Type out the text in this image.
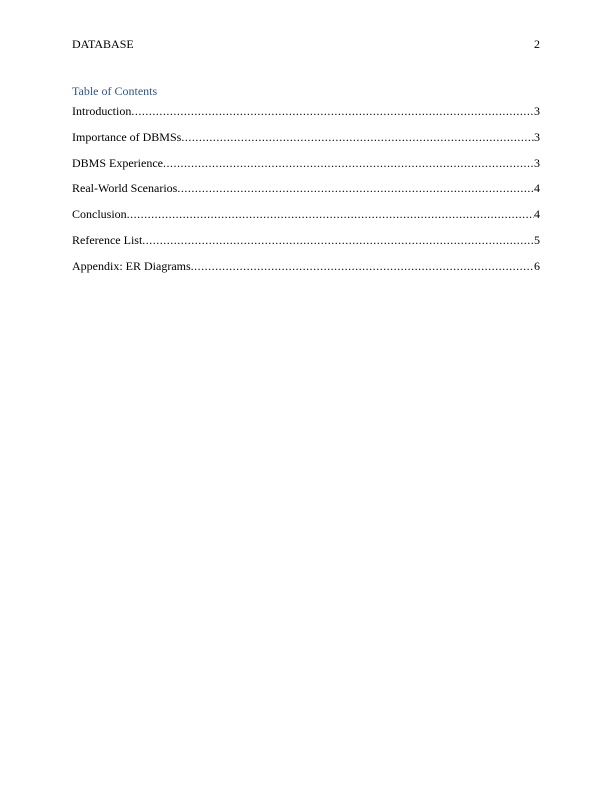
DATABASE	2
Table of Contents
Introduction .....	3
Importance of DBMSs .....	3
DBMS Experience .....	3
Real-World Scenarios .....	4
Conclusion .....	4
Reference List .....	5
Appendix: ER Diagrams .....	6
